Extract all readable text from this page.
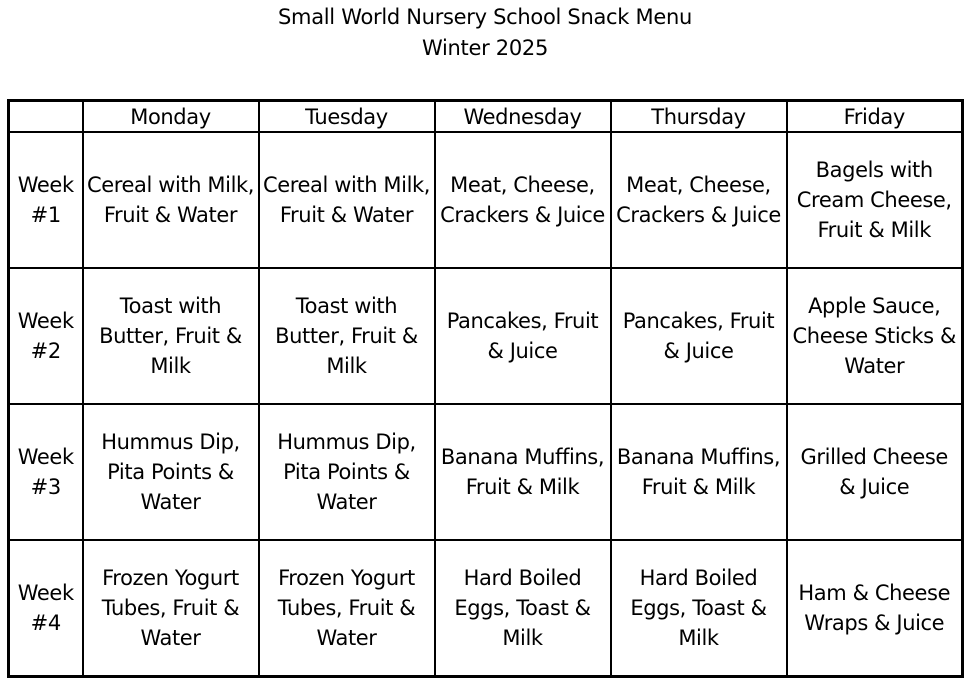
Small World Nursery School Snack Menu
Winter 2025
	Monday	Tuesday	Wednesday	Thursday	Friday
Week #1	Cereal with Milk, Fruit & Water	Cereal with Milk, Fruit & Water	Meat, Cheese, Crackers & Juice	Meat, Cheese, Crackers & Juice	Bagels with Cream Cheese, Fruit & Milk
Week #2	Toast with Butter, Fruit & Milk	Toast with Butter, Fruit & Milk	Pancakes, Fruit & Juice	Pancakes, Fruit & Juice	Apple Sauce, Cheese Sticks & Water
Week #3	Hummus Dip, Pita Points & Water	Hummus Dip, Pita Points & Water	Banana Muffins, Fruit & Milk	Banana Muffins, Fruit & Milk	Grilled Cheese & Juice
Week #4	Frozen Yogurt Tubes, Fruit & Water	Frozen Yogurt Tubes, Fruit & Water	Hard Boiled Eggs, Toast & Milk	Hard Boiled Eggs, Toast & Milk	Ham & Cheese Wraps & Juice
